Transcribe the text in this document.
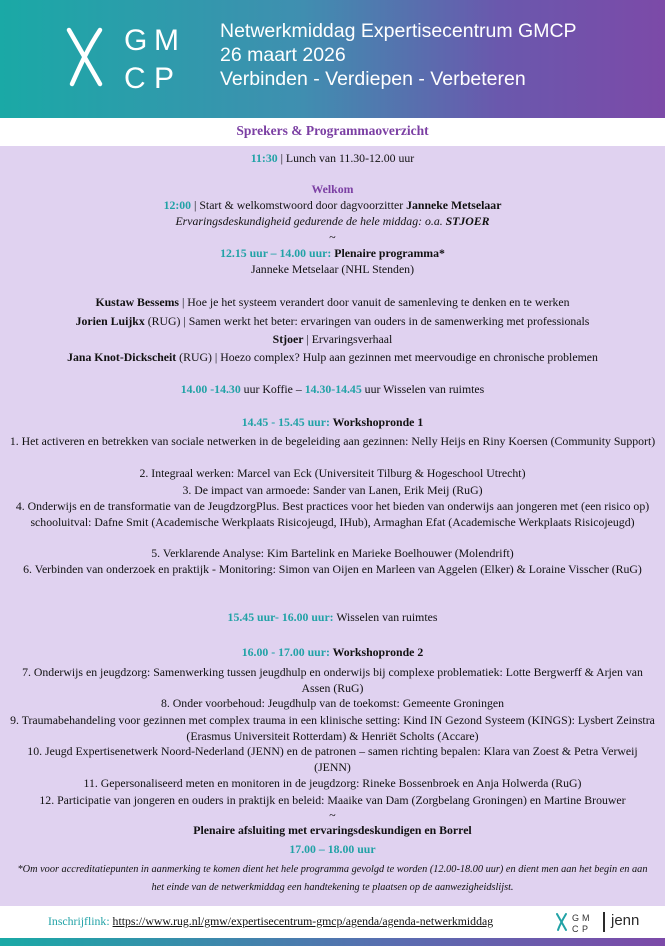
G M
C P
Netwerkmiddag Expertisecentrum GMCP
26 maart 2026
Verbinden - Verdiepen - Verbeteren
Sprekers & Programmaoverzicht
11:30 | Lunch van 11.30-12.00 uur
Welkom
12:00 | Start & welkomstwoord door dagvoorzitter Janneke Metselaar
Ervaringsdeskundigheid gedurende de hele middag: o.a. STJOER
~
12.15 uur – 14.00 uur: Plenaire programma*
Janneke Metselaar (NHL Stenden)
Kustaw Bessems | Hoe je het systeem verandert door vanuit de samenleving te denken en te werken
Jorien Luijkx (RUG) | Samen werkt het beter: ervaringen van ouders in de samenwerking met professionals
Stjoer | Ervaringsverhaal
Jana Knot-Dickscheit (RUG) | Hoezo complex? Hulp aan gezinnen met meervoudige en chronische problemen
14.00 -14.30 uur Koffie – 14.30-14.45 uur Wisselen van ruimtes
14.45 - 15.45 uur: Workshopronde 1
1. Het activeren en betrekken van sociale netwerken in de begeleiding aan gezinnen: Nelly Heijs en Riny Koersen (Community Support)
2. Integraal werken: Marcel van Eck (Universiteit Tilburg & Hogeschool Utrecht)
3. De impact van armoede: Sander van Lanen, Erik Meij (RuG)
4. Onderwijs en de transformatie van de JeugdzorgPlus. Best practices voor het bieden van onderwijs aan jongeren met (een risico op) schooluitval: Dafne Smit (Academische Werkplaats Risicojeugd, IHub), Armaghan Efat (Academische Werkplaats Risicojeugd)
5. Verklarende Analyse: Kim Bartelink en Marieke Boelhouwer (Molendrift)
6. Verbinden van onderzoek en praktijk - Monitoring: Simon van Oijen en Marleen van Aggelen (Elker) & Loraine Visscher (RuG)
15.45 uur- 16.00 uur: Wisselen van ruimtes
16.00 - 17.00 uur: Workshopronde 2
7. Onderwijs en jeugdzorg: Samenwerking tussen jeugdhulp en onderwijs bij complexe problematiek: Lotte Bergwerff & Arjen van Assen (RuG)
8. Onder voorbehoud: Jeugdhulp van de toekomst: Gemeente Groningen
9. Traumabehandeling voor gezinnen met complex trauma in een klinische setting: Kind IN Gezond Systeem (KINGS): Lysbert Zeinstra (Erasmus Universiteit Rotterdam) & Henriët Scholts (Accare)
10. Jeugd Expertisenetwerk Noord-Nederland (JENN) en de patronen – samen richting bepalen: Klara van Zoest & Petra Verweij (JENN)
11. Gepersonaliseerd meten en monitoren in de jeugdzorg: Rineke Bossenbroek en Anja Holwerda (RuG)
12. Participatie van jongeren en ouders in praktijk en beleid: Maaike van Dam (Zorgbelang Groningen) en Martine Brouwer
~
Plenaire afsluiting met ervaringsdeskundigen en Borrel
17.00 – 18.00 uur
*Om voor accreditatiepunten in aanmerking te komen dient het hele programma gevolgd te worden (12.00-18.00 uur) en dient men aan het begin en aan het einde van de netwerkmiddag een handtekening te plaatsen op de aanwezigheidslijst.
Inschrijflink: https://www.rug.nl/gmw/expertisecentrum-gmcp/agenda/agenda-netwerkmiddag	G M
C P jenn
